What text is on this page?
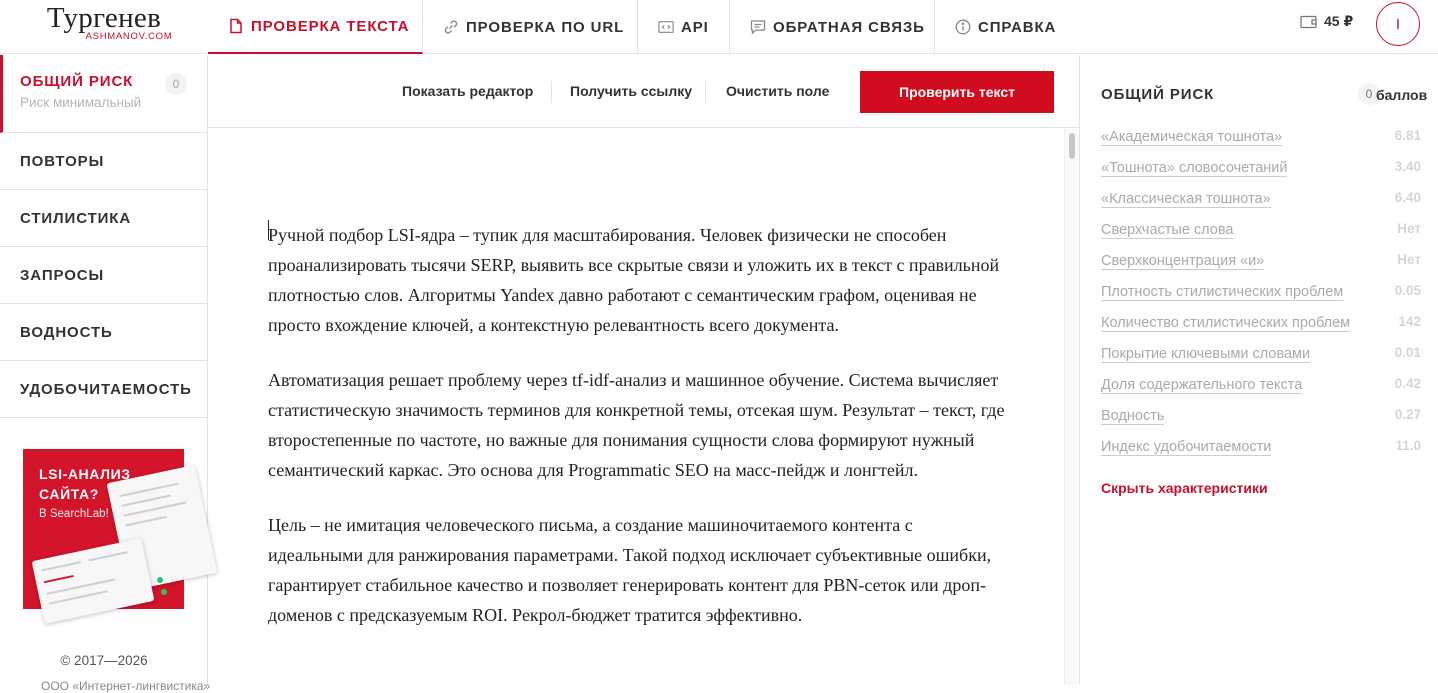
Тургенев
ASHMANOV.COM
ПРОВЕРКА ТЕКСТА	ПРОВЕРКА ПО URL	API	ОБРАТНАЯ СВЯЗЬ	СПРАВКА	45 ₽	I
ОБЩИЙ РИСК
Риск минимальный
0
ПОВТОРЫ
СТИЛИСТИКА
ЗАПРОСЫ
ВОДНОСТЬ
УДОБОЧИТАЕМОСТЬ
LSI-АНАЛИЗ САЙТА?
В SearchLab!
© 2017—2026
ООО «Интернет-лингвистика»
Показать редактор	Получить ссылку Очистить поле	Проверить текст

Ручной подбор LSI-ядра – тупик для масштабирования. Человек физически не способен проанализировать тысячи SERP, выявить все скрытые связи и уложить их в текст с правильной плотностью слов. Алгоритмы Yandex давно работают с семантическим графом, оценивая не просто вхождение ключей, а контекстную релевантность всего документа.

Автоматизация решает проблему через tf-idf-анализ и машинное обучение. Система вычисляет статистическую значимость терминов для конкретной темы, отсекая шум. Результат – текст, где второстепенные по частоте, но важные для понимания сущности слова формируют нужный семантический каркас. Это основа для Programmatic SEO на масс-пейдж и лонгтейл.

Цель – не имитация человеческого письма, а создание машиночитаемого контента с идеальными для ранжирования параметрами. Такой подход исключает субъективные ошибки, гарантирует стабильное качество и позволяет генерировать контент для PBN-сеток или дроп-доменов с предсказуемым ROI. Рекрол-бюджет тратится эффективно.

ОБЩИЙ РИСК	0 баллов
«Академическая тошнота»	6.81
«Тошнота» словосочетаний	3.40
«Классическая тошнота»	6.40
Сверхчастые слова	Нет
Сверхконцентрация «и»	Нет
Плотность стилистических проблем	0.05
Количество стилистических проблем	142
Покрытие ключевыми словами	0.01
Доля содержательного текста	0.42
Водность	0.27
Индекс удобочитаемости	11.0
Скрыть характеристики
